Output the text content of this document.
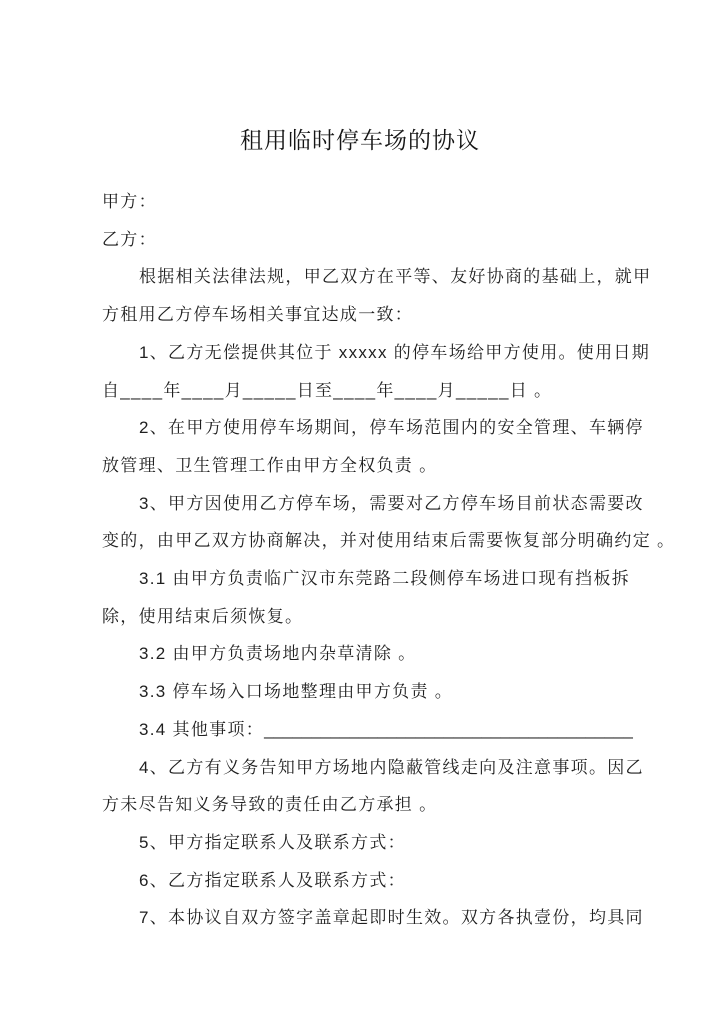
租用临时停车场的协议
甲方：
乙方：
根据相关法律法规，甲乙双方在平等、友好协商的基础上，就甲
方租用乙方停车场相关事宜达成一致：
1、乙方无偿提供其位于 xxxxx 的停车场给甲方使用。使用日期
自____年____月_____日至____年____月_____日 。
2、在甲方使用停车场期间，停车场范围内的安全管理、车辆停
放管理、卫生管理工作由甲方全权负责 。
3、甲方因使用乙方停车场，需要对乙方停车场目前状态需要改
变的，由甲乙双方协商解决，并对使用结束后需要恢复部分明确约定 。
3.1 由甲方负责临广汉市东莞路二段侧停车场进口现有挡板拆
除，使用结束后须恢复。
3.2 由甲方负责场地内杂草清除 。
3.3 停车场入口场地整理由甲方负责 。
3.4 其他事项：_______________________________________
4、乙方有义务告知甲方场地内隐蔽管线走向及注意事项。因乙
方未尽告知义务导致的责任由乙方承担 。
5、甲方指定联系人及联系方式：
6、乙方指定联系人及联系方式：
7、本协议自双方签字盖章起即时生效。双方各执壹份，均具同
